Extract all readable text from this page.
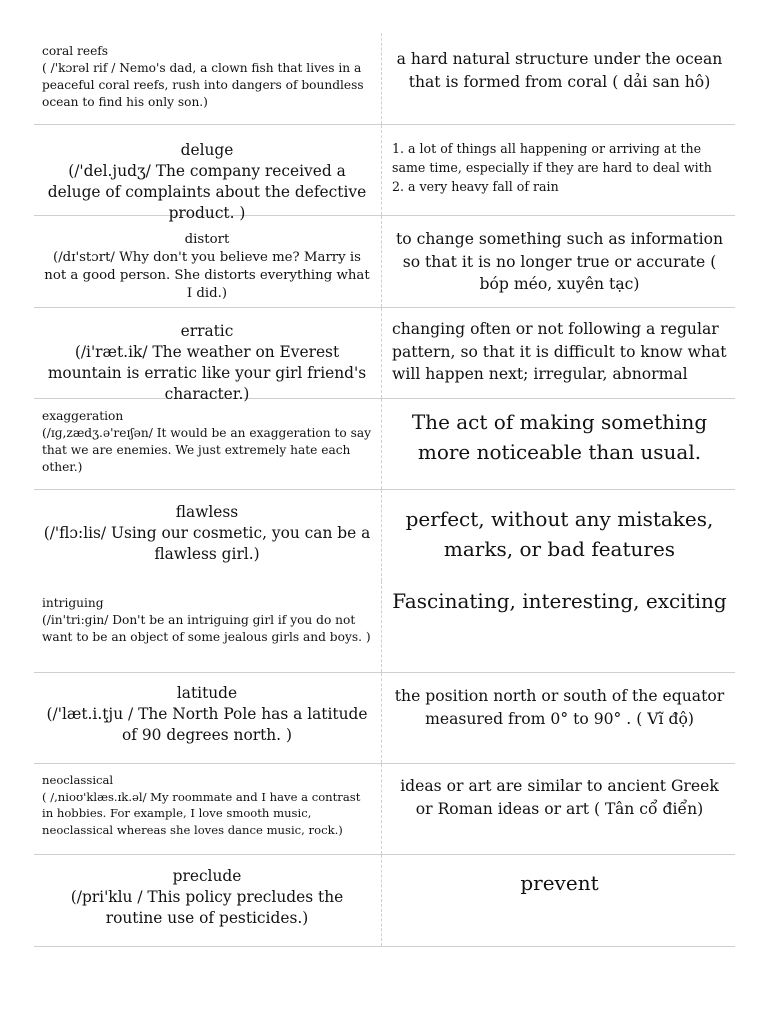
coral reefs
( /'kɔrəl rif / Nemo's dad, a clown fish that lives in a peaceful coral reefs, rush into dangers of boundless ocean to find his only son.)
a hard natural structure under the ocean that is formed from coral ( dải san hô)
deluge
(/'del.judʒ/ The company received a deluge of complaints about the defective product. )
1. a lot of things all happening or arriving at the same time, especially if they are hard to deal with
2. a very heavy fall of rain
distort
(/dɪ'stɔrt/ Why don't you believe me? Marry is not a good person. She distorts everything what I did.)
to change something such as information so that it is no longer true or accurate ( bóp méo, xuyên tạc)
erratic
(/i'ræt.ik/ The weather on Everest mountain is erratic like your girl friend's character.)
changing often or not following a regular pattern, so that it is difficult to know what will happen next; irregular, abnormal
exaggeration
(/ɪɡ,zædʒ.ə'reɪʃən/ It would be an exaggeration to say that we are enemies. We just extremely hate each other.)
The act of making something more noticeable than usual.
flawless
(/'flɔ:lis/ Using our cosmetic, you can be a flawless girl.)
perfect, without any mistakes, marks, or bad features
intriguing
(/in'tri:gin/ Don't be an intriguing girl if you do not want to be an object of some jealous girls and boys. )
Fascinating, interesting, exciting
latitude
(/'læt.i.ţju / The North Pole has a latitude of 90 degrees north. )
the position north or south of the equator measured from 0° to 90° . ( Vĩ độ)
neoclassical
( /,nioʊ'klæs.ɪk.əl/ My roommate and I have a contrast in hobbies. For example, I love smooth music, neoclassical whereas she loves dance music, rock.)
ideas or art are similar to ancient Greek or Roman ideas or art ( Tân cổ điển)
preclude
(/pri'klu / This policy precludes the routine use of pesticides.)
prevent
